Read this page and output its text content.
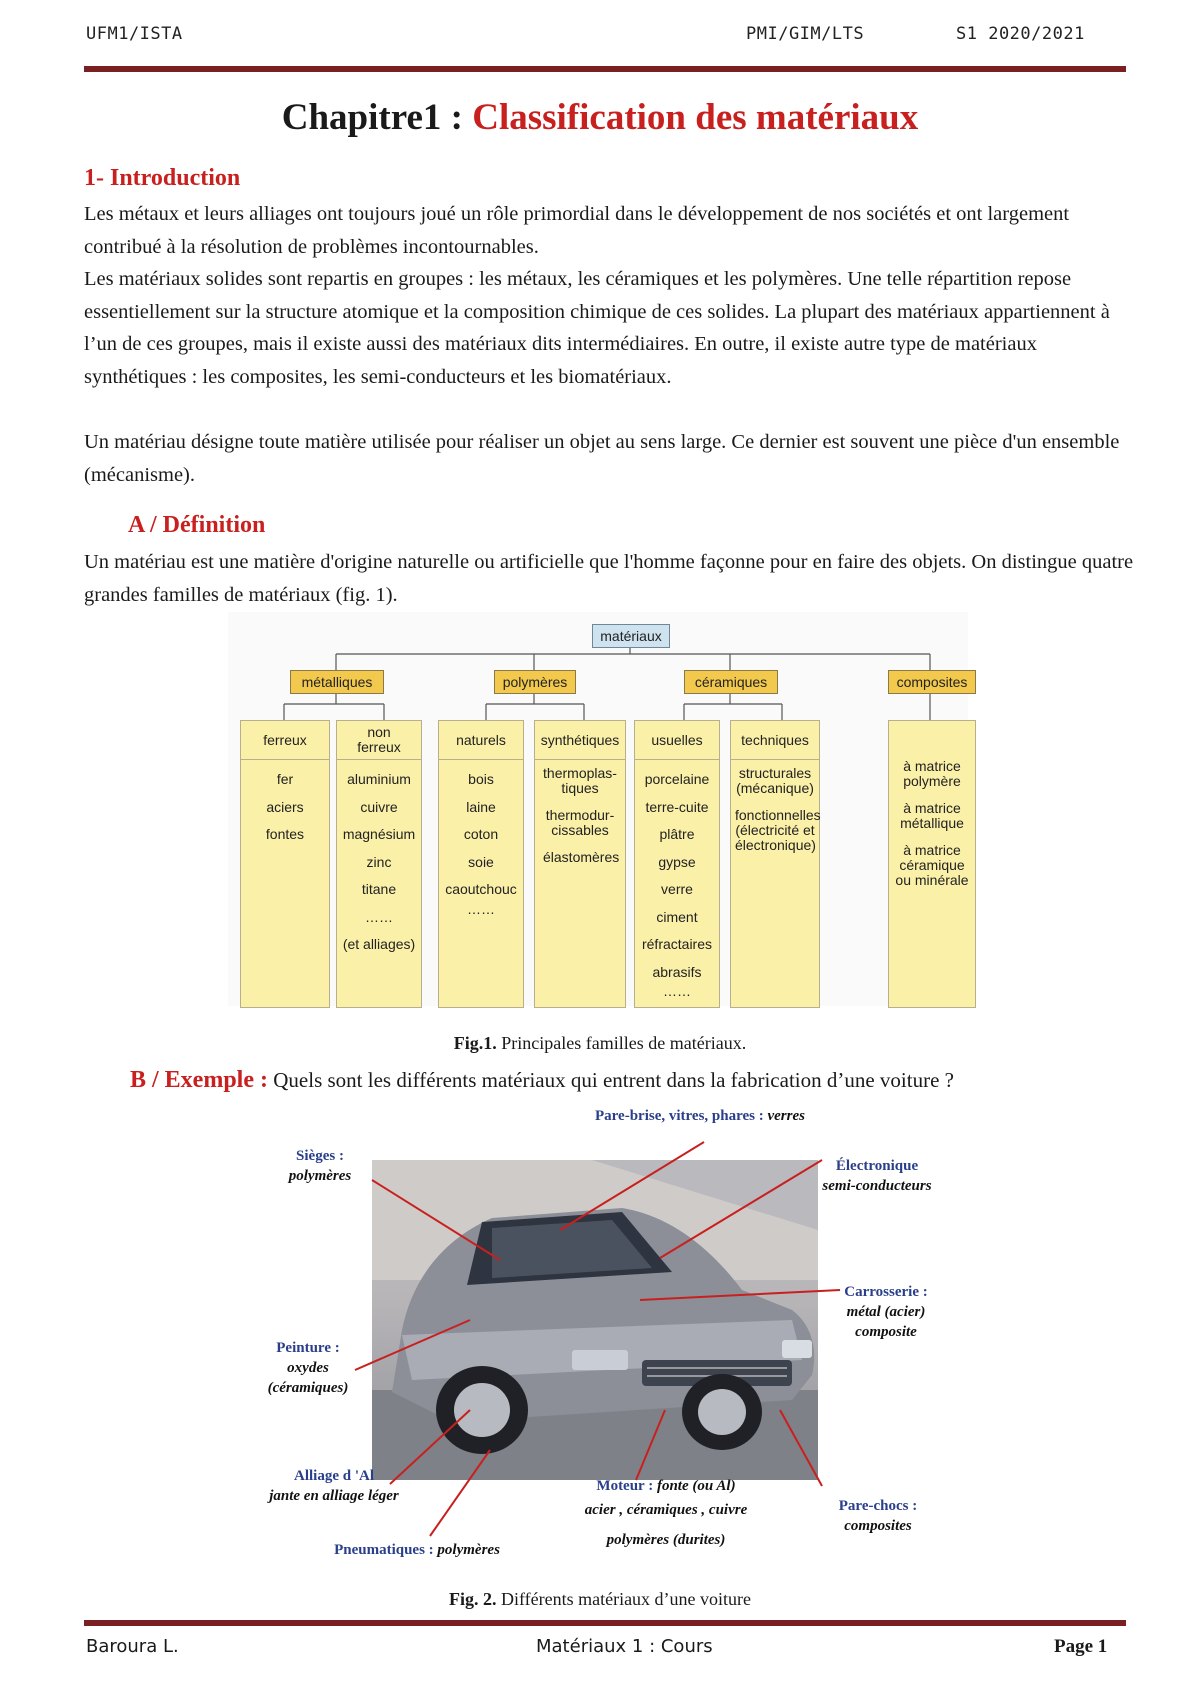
UFM1/ISTA	PMI/GIM/LTS	S1 2020/2021
Chapitre1 : Classification des matériaux
1- Introduction
Les métaux et leurs alliages ont toujours joué un rôle primordial dans le développement de nos sociétés et ont largement contribué à la résolution de problèmes incontournables.
Les matériaux solides sont repartis en groupes : les métaux, les céramiques et les polymères. Une telle répartition repose essentiellement sur la structure atomique et la composition chimique de ces solides. La plupart des matériaux appartiennent à l’un de ces groupes, mais il existe aussi des matériaux dits intermédiaires. En outre, il existe autre type de matériaux synthétiques : les composites, les semi-conducteurs et les biomatériaux.
Un matériau désigne toute matière utilisée pour réaliser un objet au sens large. Ce dernier est souvent une pièce d'un ensemble (mécanisme).
A / Définition
Un matériau est une matière d'origine naturelle ou artificielle que l'homme façonne pour en faire des objets. On distingue quatre grandes familles de matériaux (fig. 1).
matériaux
métalliques	polymères	céramiques	composites
ferreux
fer
aciers
fontes
non ferreux
aluminium
cuivre
magnésium
zinc
titane
……
(et alliages)
naturels
bois
laine
coton
soie
caoutchouc
……
synthétiques
thermoplas-tiques
thermodur-cissables
élastomères
usuelles
porcelaine
terre-cuite
plâtre
gypse
verre
ciment
réfractaires
abrasifs
……
techniques
structurales (mécanique)
fonctionnelles (électricité et électronique)
à matrice polymère
à matrice métallique
à matrice céramique ou minérale
Fig.1. Principales familles de matériaux.
B / Exemple : Quels sont les différents matériaux qui entrent dans la fabrication d’une voiture ?
Pare-brise, vitres, phares : verres
Sièges :
polymères
Électronique
semi-conducteurs
Carrosserie :
métal (acier)
composite
Peinture :
oxydes
(céramiques)
Alliage d 'Al
jante en alliage léger
Moteur : fonte (ou Al)
acier , céramiques , cuivre
polymères (durites)
Pare-chocs :
composites
Pneumatiques : polymères
Fig. 2. Différents matériaux d’une voiture
Baroura L.	Matériaux 1 : Cours	Page 1
